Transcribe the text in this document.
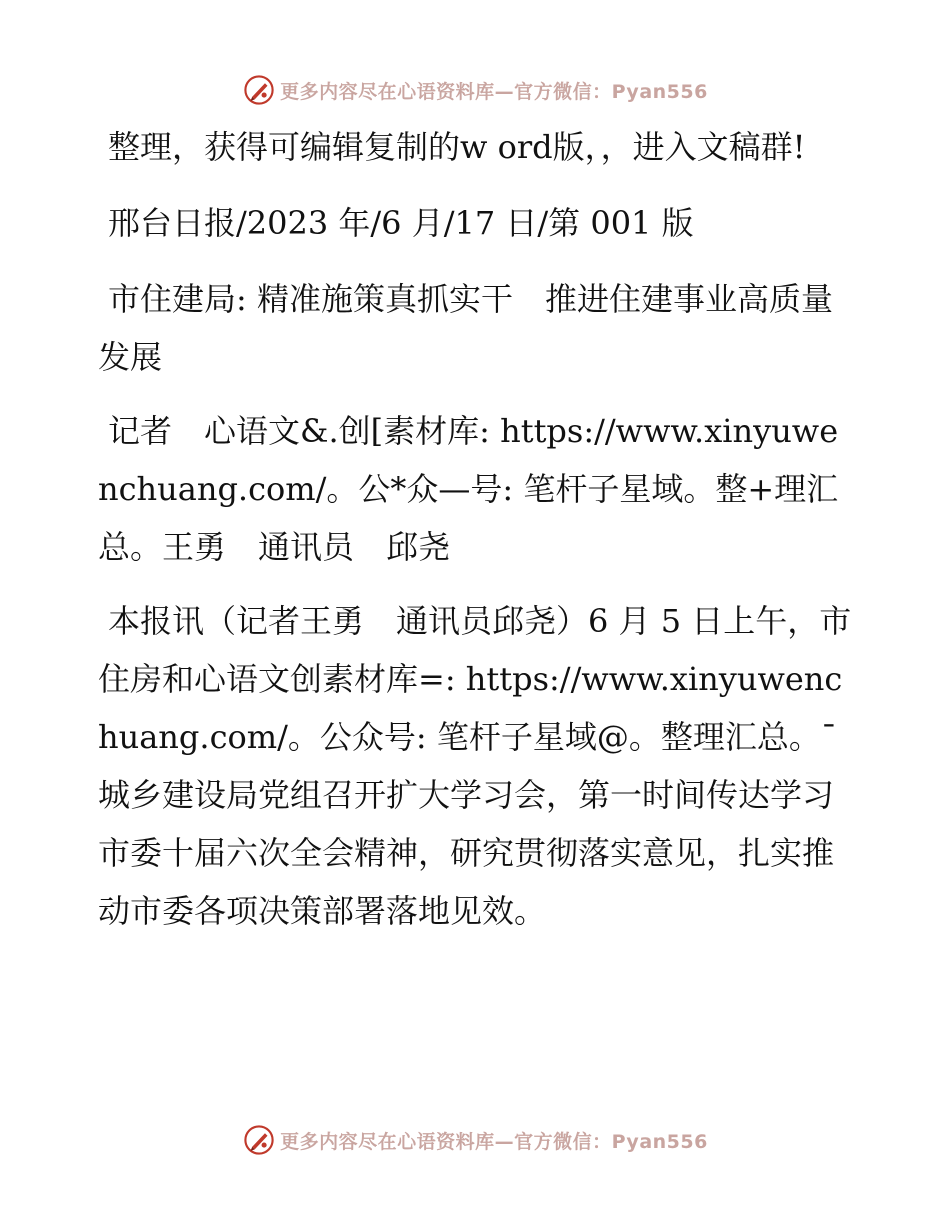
更多内容尽在心语资料库—官方微信：Pyan556

整理，获得可编辑复制的w ord版，，进入文稿群!

邢台日报/2023 年/6 月/17 日/第 001 版

市住建局: 精准施策真抓实干　推进住建事业高质量发展

记者　心语文&.创[素材库: https://www.xinyuwenchuang.com/。公*众—号: 笔杆子星域。整+理汇总。王勇　通讯员　邱尧

本报讯（记者王勇　通讯员邱尧）6 月 5 日上午，市住房和心语文创素材库=: https://www.xinyuwenchuang.com/。公众号: 笔杆子星域@。整理汇总。¯城乡建设局党组召开扩大学习会，第一时间传达学习市委十届六次全会精神，研究贯彻落实意见，扎实推动市委各项决策部署落地见效。

更多内容尽在心语资料库—官方微信：Pyan556
